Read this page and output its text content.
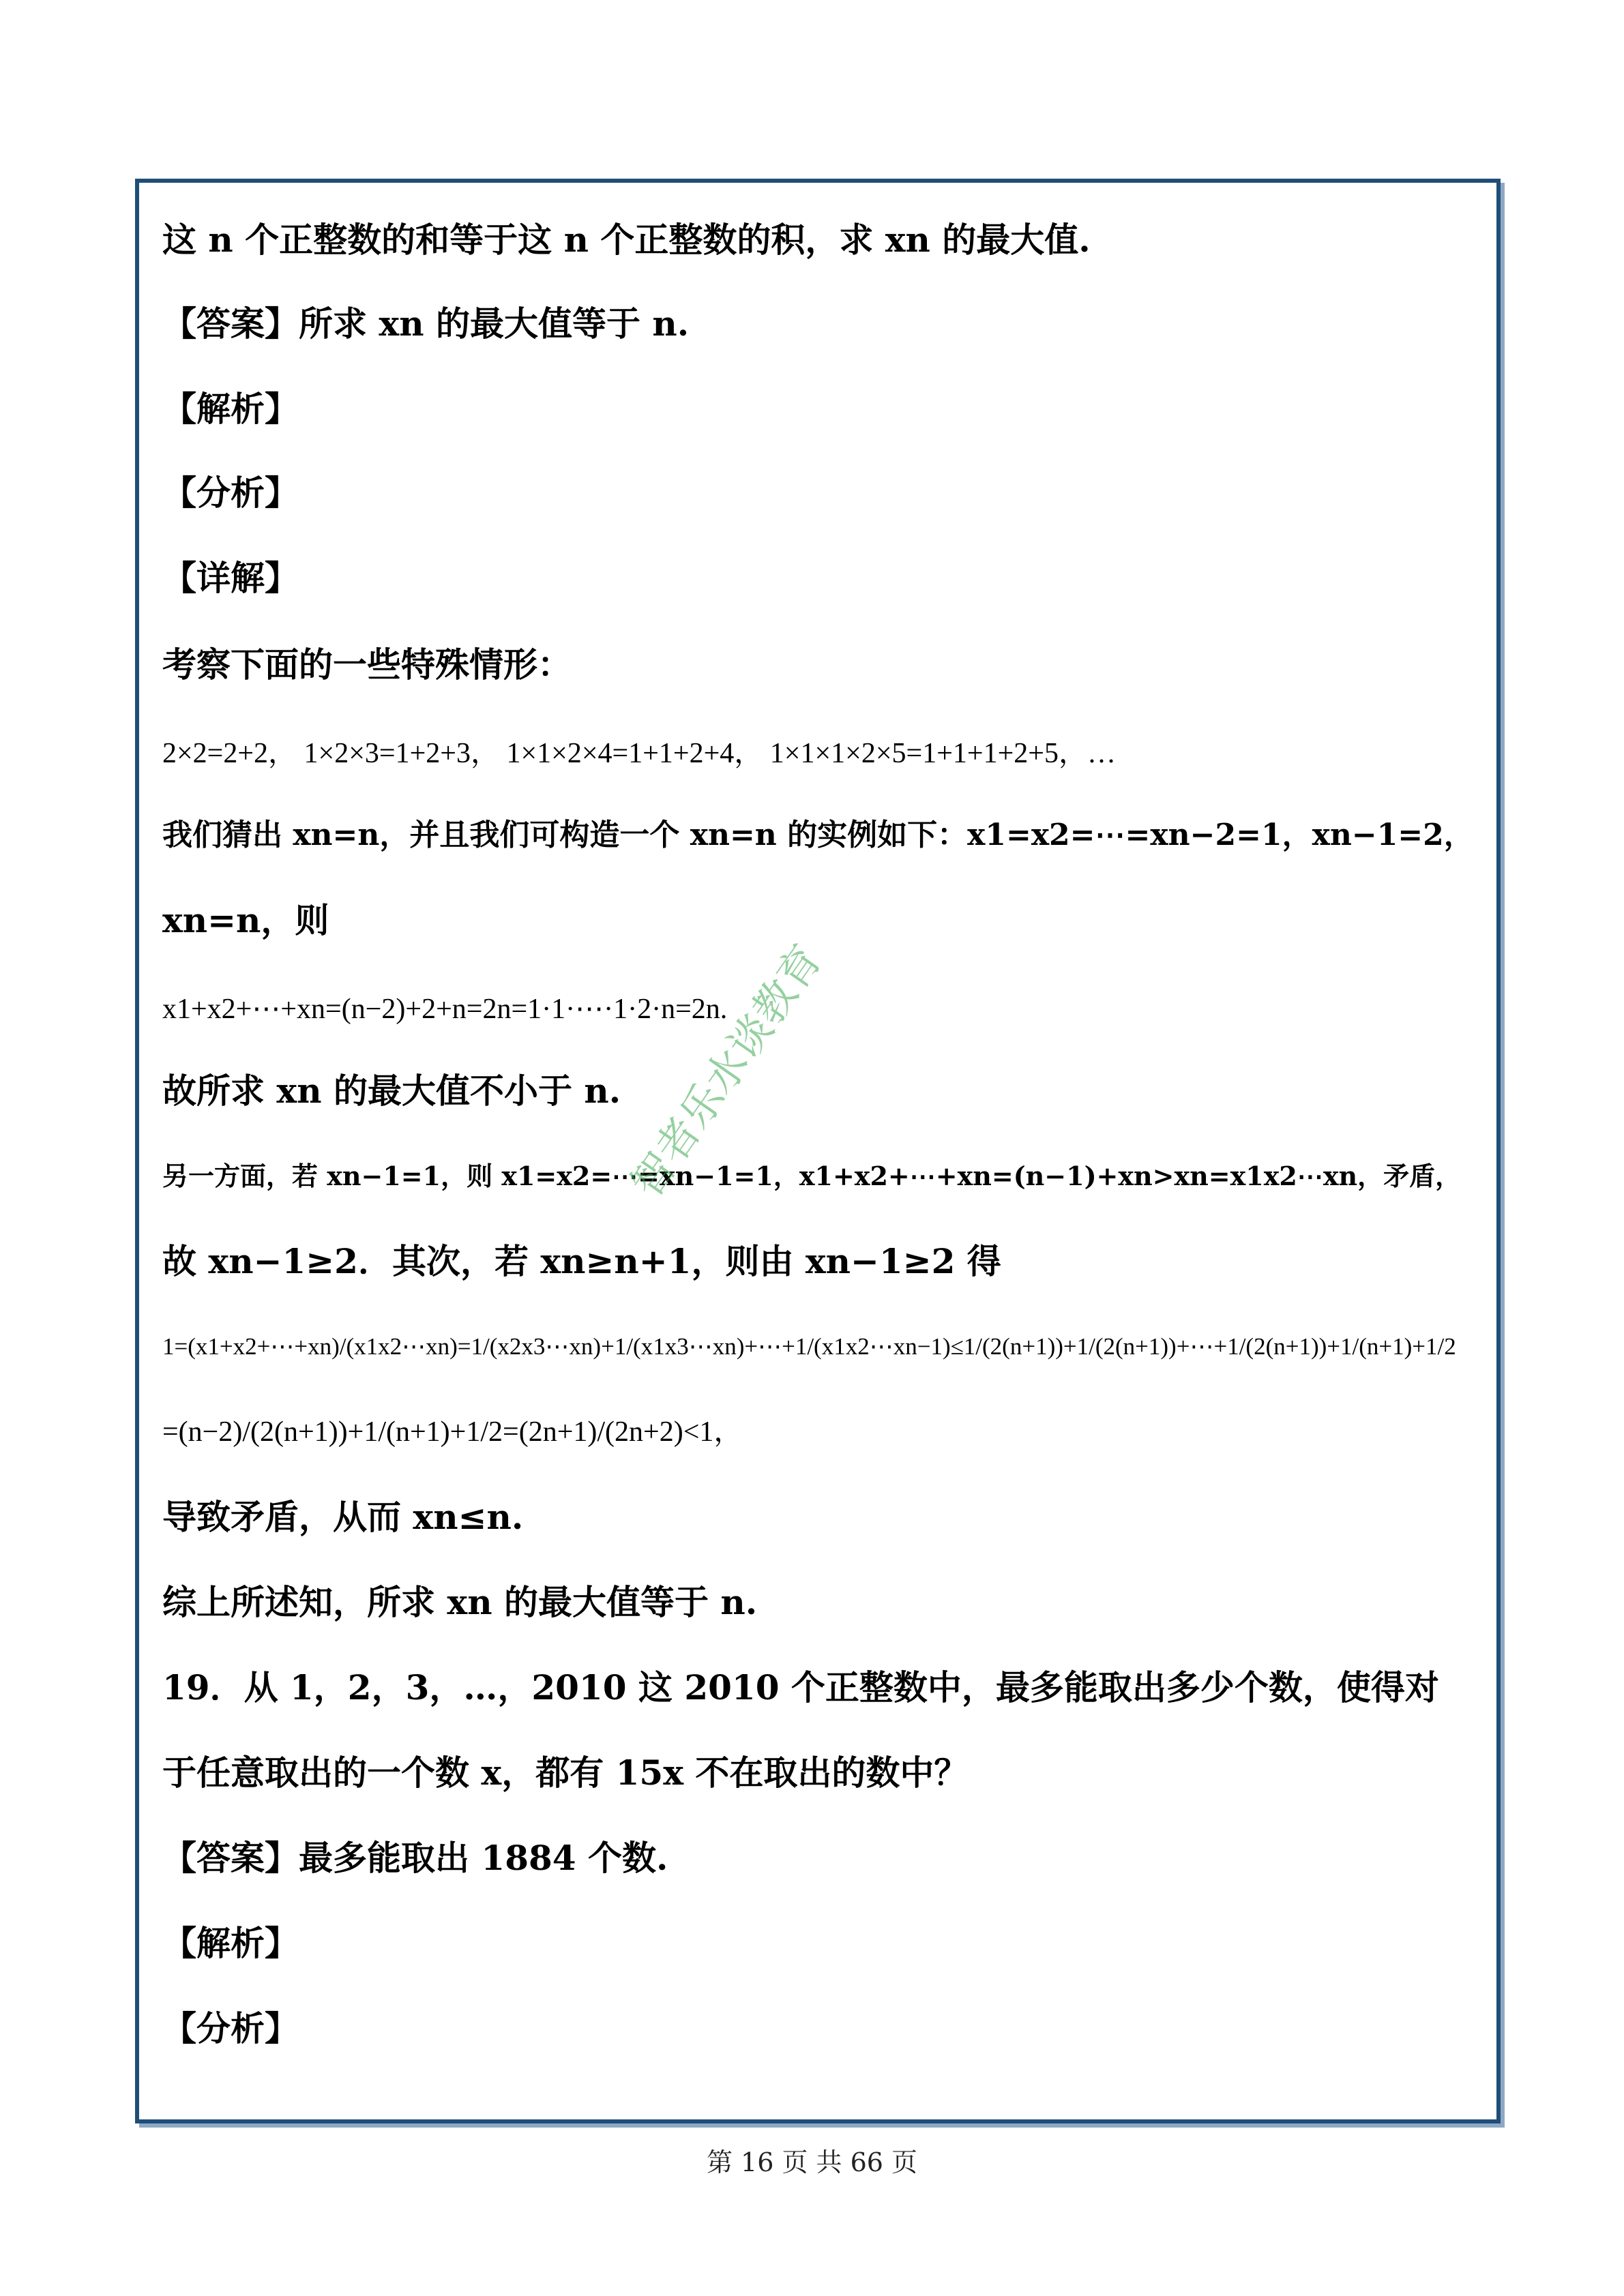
这 n 个正整数的和等于这 n 个正整数的积，求 xn 的最大值.
【答案】所求 xn 的最大值等于 n.
【解析】
【分析】
【详解】
考察下面的一些特殊情形：
2×2=2+2， 1×2×3=1+2+3， 1×1×2×4=1+1+2+4， 1×1×1×2×5=1+1+1+2+5，…
我们猜出 xn=n，并且我们可构造一个 xn=n 的实例如下：x1=x2=⋯=xn−2=1，xn−1=2，
xn=n，则
x1+x2+⋯+xn=(n−2)+2+n=2n=1·1·⋯·1·2·n=2n.
故所求 xn 的最大值不小于 n.
另一方面，若 xn−1=1，则 x1=x2=⋯=xn−1=1，x1+x2+⋯+xn=(n−1)+xn>xn=x1x2⋯xn，矛盾，
故 xn−1≥2．其次，若 xn≥n+1，则由 xn−1≥2 得
1=(x1+x2+⋯+xn)/(x1x2⋯xn)=1/(x2x3⋯xn)+1/(x1x3⋯xn)+⋯+1/(x1x2⋯xn−1)≤1/(2(n+1))+1/(2(n+1))+⋯+1/(2(n+1))+1/(n+1)+1/2
=(n−2)/(2(n+1))+1/(n+1)+1/2=(2n+1)/(2n+2)<1，
导致矛盾，从而 xn≤n.
综上所述知，所求 xn 的最大值等于 n.
19．从 1，2，3，…，2010 这 2010 个正整数中，最多能取出多少个数，使得对
于任意取出的一个数 x，都有 15x 不在取出的数中？
【答案】最多能取出 1884 个数.
【解析】
【分析】
智者乐水谈教育
第 16 页 共 66 页
